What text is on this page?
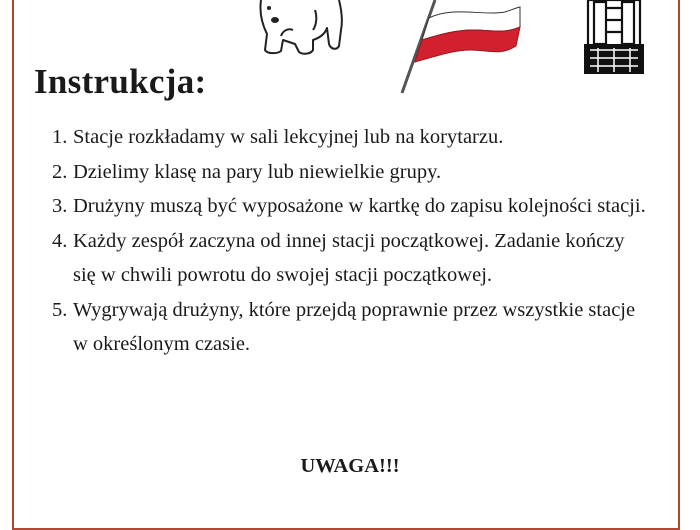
Instrukcja:
1. Stacje rozkładamy w sali lekcyjnej lub na korytarzu.
2. Dzielimy klasę na pary lub niewielkie grupy.
3. Drużyny muszą być wyposażone w kartkę do zapisu kolejności stacji.
4. Każdy zespół zaczyna od innej stacji początkowej. Zadanie kończy się w chwili powrotu do swojej stacji początkowej.
5. Wygrywają drużyny, które przejdą poprawnie przez wszystkie stacje w określonym czasie.

UWAGA!!!
